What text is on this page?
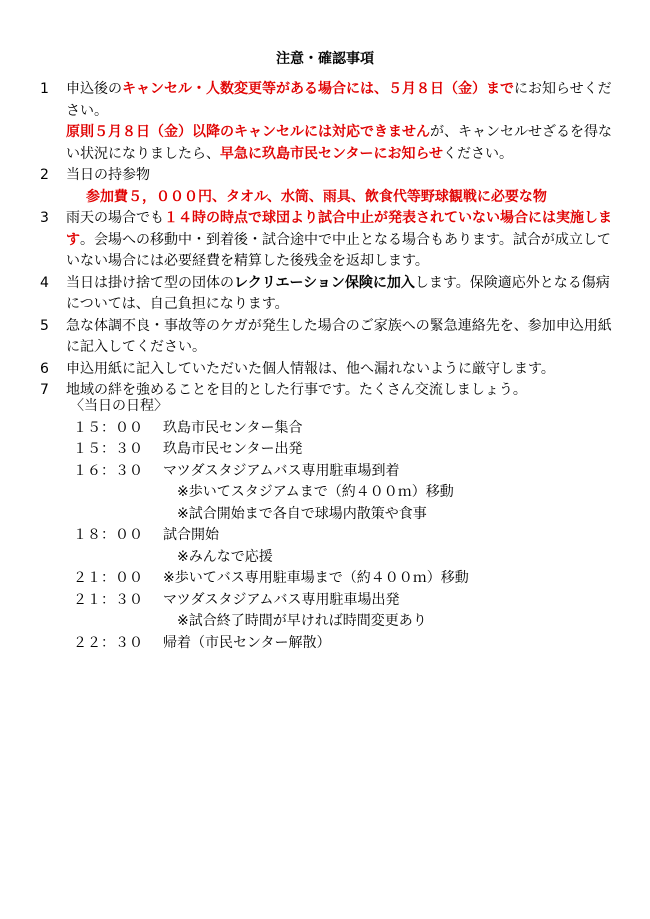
注意・確認事項
1	申込後のキャンセル・人数変更等がある場合には、５月８日（金）までにお知らせください。
原則５月８日（金）以降のキャンセルには対応できませんが、キャンセルせざるを得ない状況になりましたら、早急に玖島市民センターにお知らせください。
2	当日の持参物
参加費５，０００円、タオル、水筒、雨具、飲食代等野球観戦に必要な物
3	雨天の場合でも１４時の時点で球団より試合中止が発表されていない場合には実施します。会場への移動中・到着後・試合途中で中止となる場合もあります。試合が成立していない場合には必要経費を精算した後残金を返却します。
4	当日は掛け捨て型の団体のレクリエーション保険に加入します。保険適応外となる傷病については、自己負担になります。
5	急な体調不良・事故等のケガが発生した場合のご家族への緊急連絡先を、参加申込用紙に記入してください。
6	申込用紙に記入していただいた個人情報は、他へ漏れないように厳守します。
7	地域の絆を強めることを目的とした行事です。たくさん交流しましょう。
〈当日の日程〉
１５：００	玖島市民センター集合
１５：３０	玖島市民センター出発
１６：３０	マツダスタジアムバス専用駐車場到着
※歩いてスタジアムまで（約４００ｍ）移動
※試合開始まで各自で球場内散策や食事
１８：００	試合開始
※みんなで応援
２１：００	※歩いてバス専用駐車場まで（約４００ｍ）移動
２１：３０	マツダスタジアムバス専用駐車場出発
※試合終了時間が早ければ時間変更あり
２２：３０	帰着（市民センター解散）
